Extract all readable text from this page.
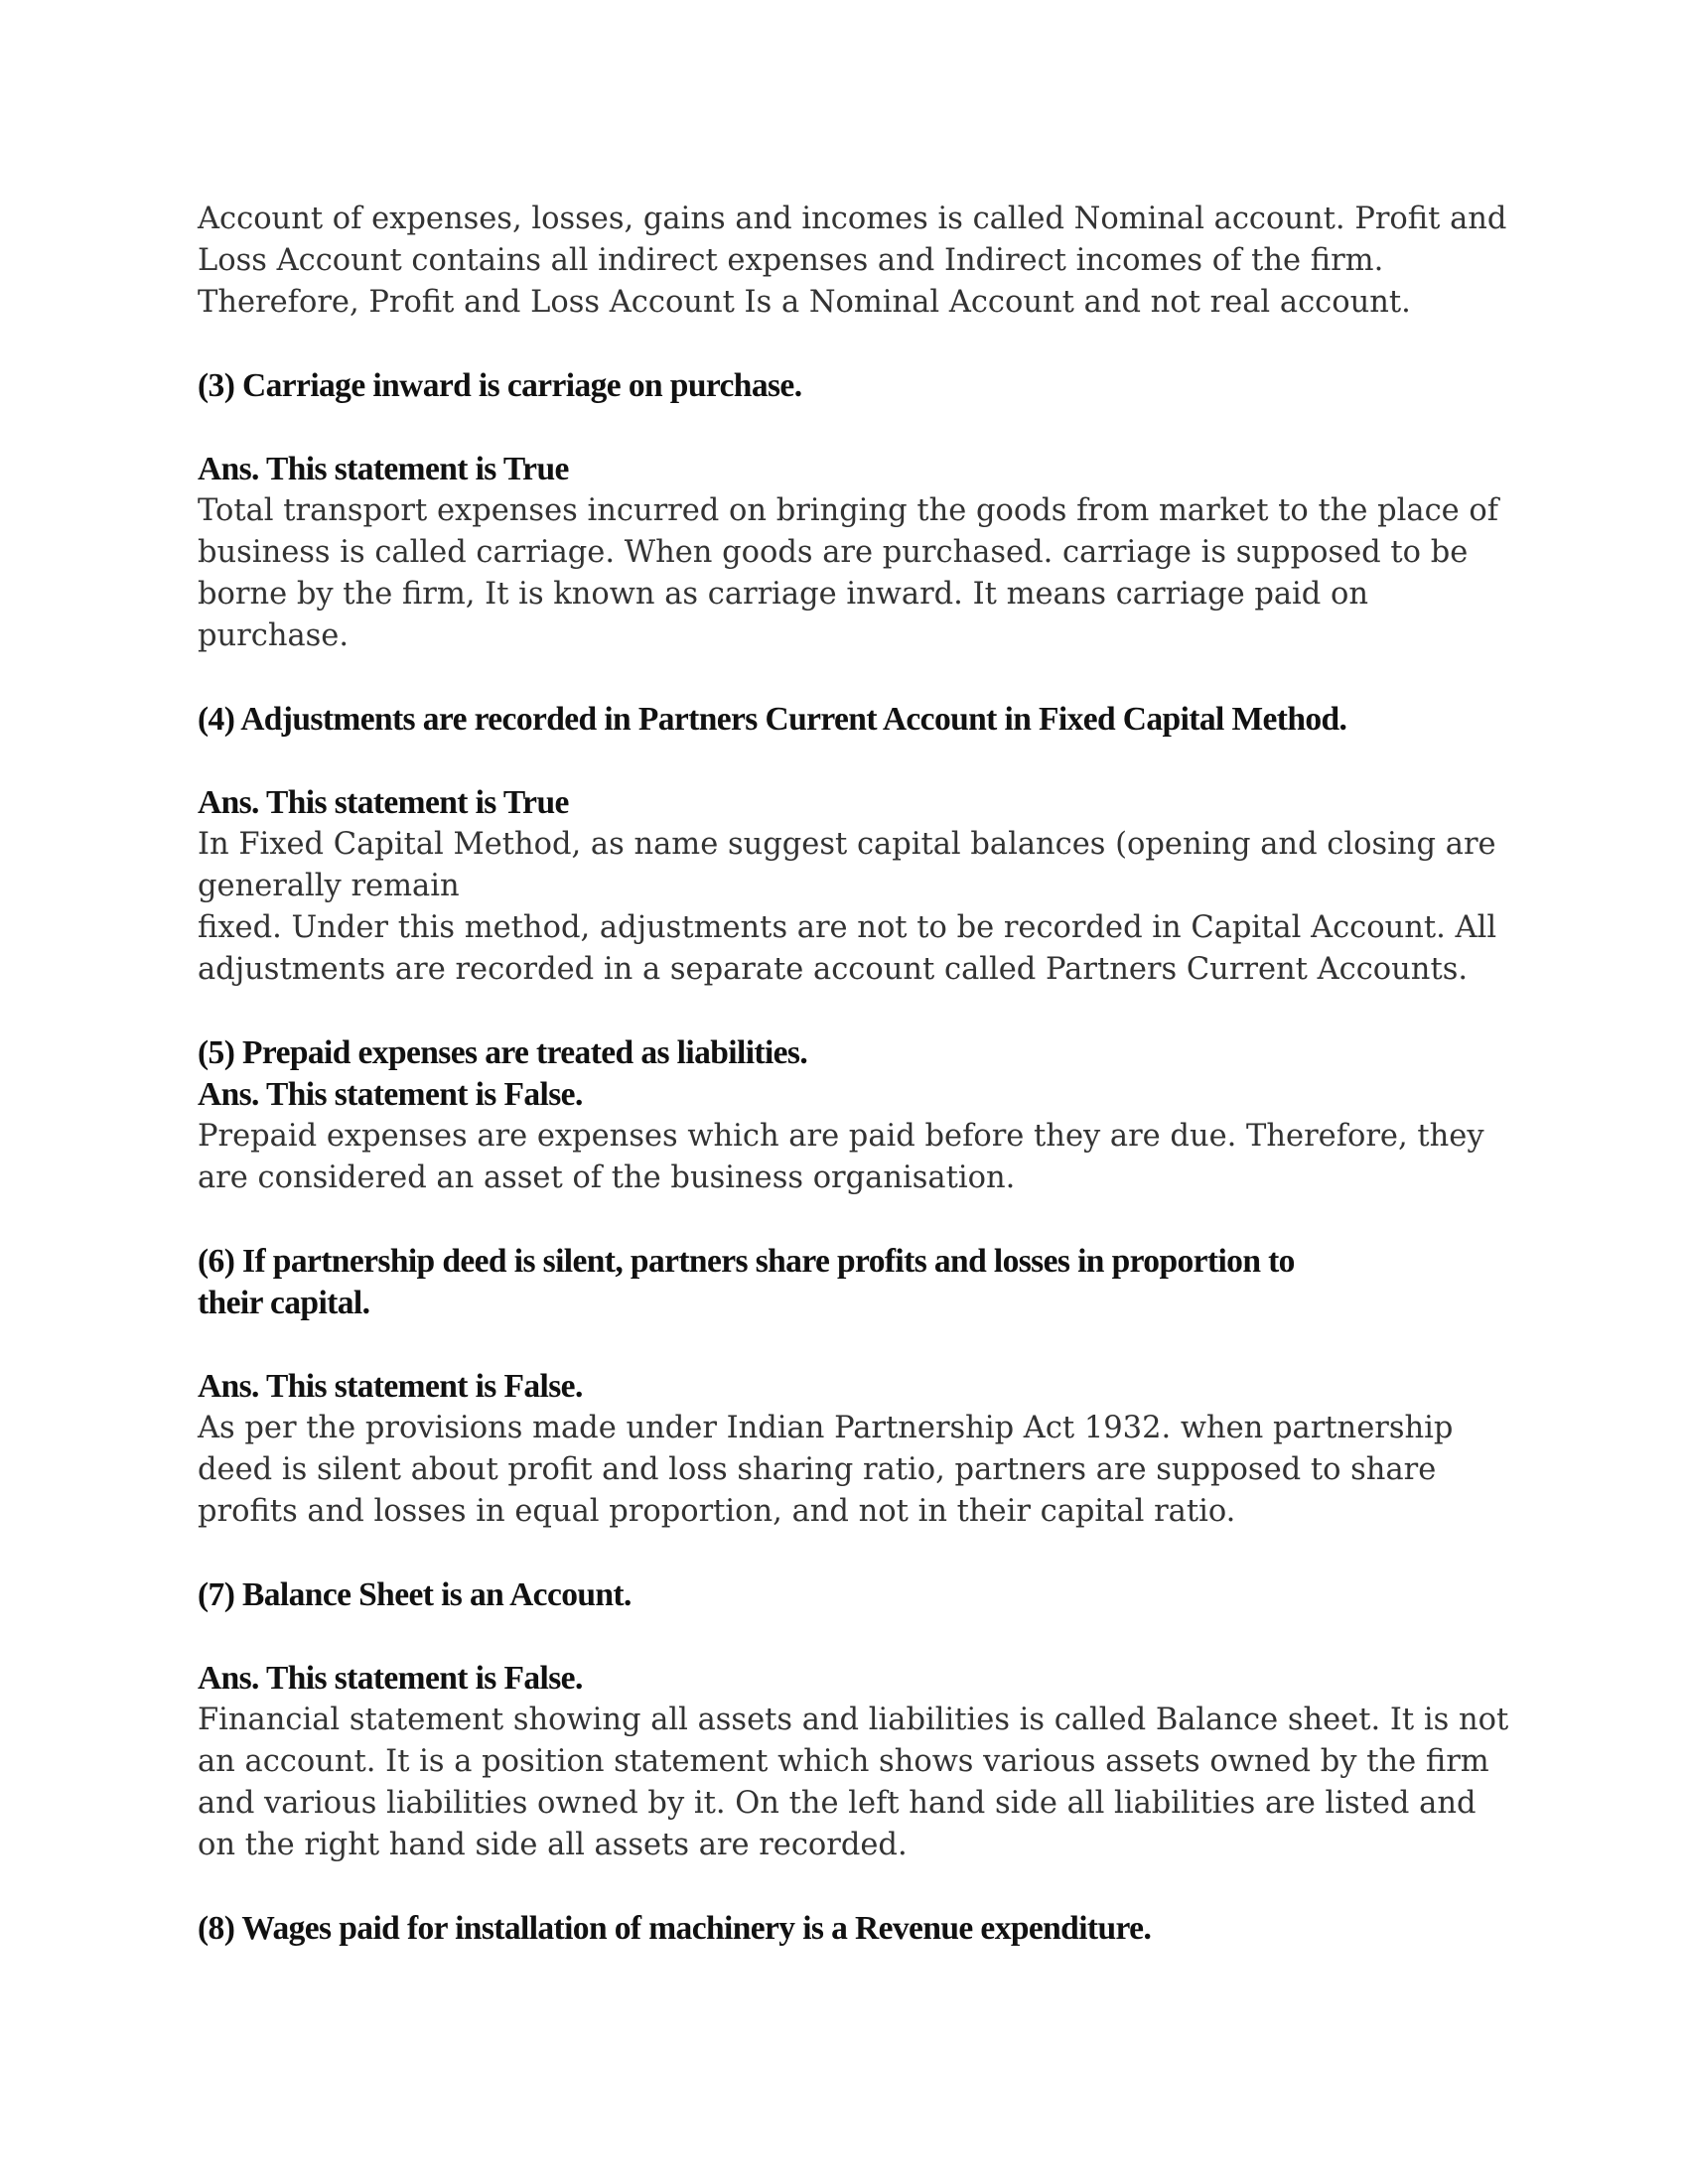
Account of expenses, losses, gains and incomes is called Nominal account. Profit and
Loss Account contains all indirect expenses and Indirect incomes of the firm.
Therefore, Profit and Loss Account Is a Nominal Account and not real account.

(3) Carriage inward is carriage on purchase.

Ans. This statement is True

Total transport expenses incurred on bringing the goods from market to the place of
business is called carriage. When goods are purchased. carriage is supposed to be
borne by the firm, It is known as carriage inward. It means carriage paid on
purchase.

(4) Adjustments are recorded in Partners Current Account in Fixed Capital Method.

Ans. This statement is True

In Fixed Capital Method, as name suggest capital balances (opening and closing are
generally remain
fixed. Under this method, adjustments are not to be recorded in Capital Account. All
adjustments are recorded in a separate account called Partners Current Accounts.

(5) Prepaid expenses are treated as liabilities.

Ans. This statement is False.

Prepaid expenses are expenses which are paid before they are due. Therefore, they
are considered an asset of the business organisation.

(6) If partnership deed is silent, partners share profits and losses in proportion to
their capital.

Ans. This statement is False.

As per the provisions made under Indian Partnership Act 1932. when partnership
deed is silent about profit and loss sharing ratio, partners are supposed to share
profits and losses in equal proportion, and not in their capital ratio.

(7) Balance Sheet is an Account.

Ans. This statement is False.

Financial statement showing all assets and liabilities is called Balance sheet. It is not
an account. It is a position statement which shows various assets owned by the firm
and various liabilities owned by it. On the left hand side all liabilities are listed and
on the right hand side all assets are recorded.

(8) Wages paid for installation of machinery is a Revenue expenditure.
